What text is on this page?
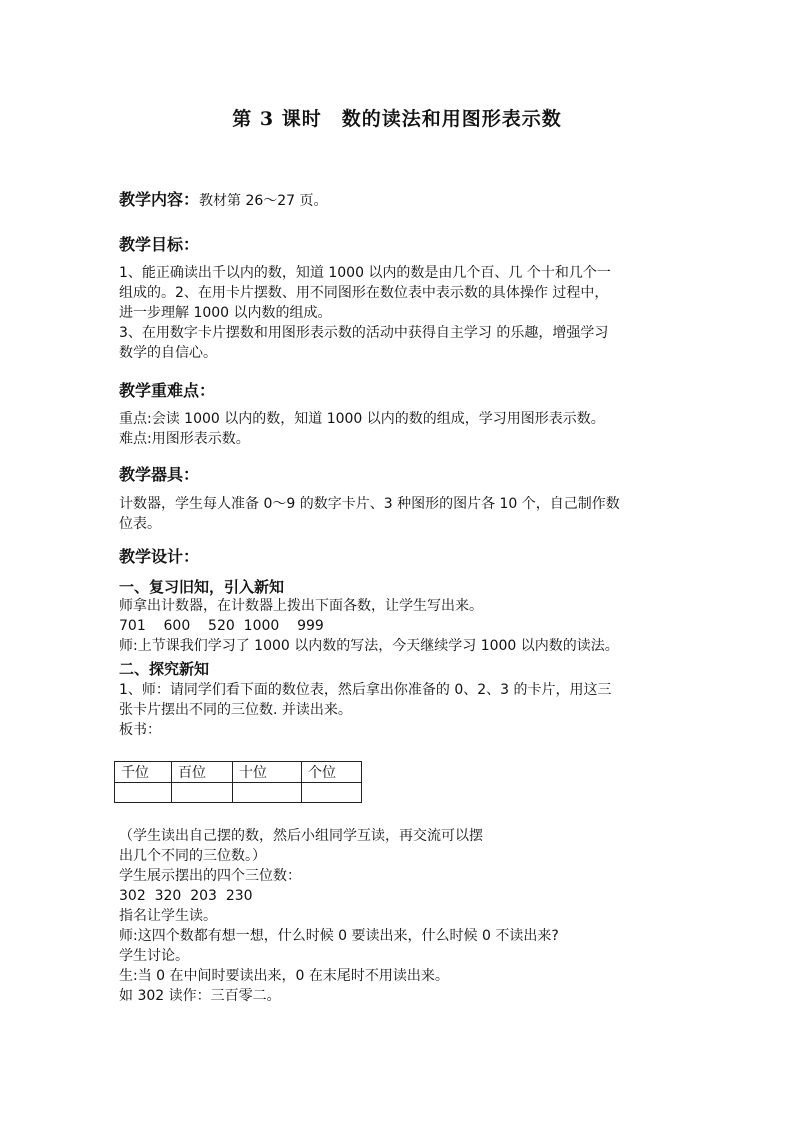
第 3 课时　数的读法和用图形表示数
教学内容：教材第 26～27 页。
教学目标：
1、能正确读出千以内的数，知道 1000 以内的数是由几个百、几 个十和几个一
组成的。2、在用卡片摆数、用不同图形在数位表中表示数的具体操作 过程中，
进一步理解 1000 以内数的组成。
3、在用数字卡片摆数和用图形表示数的活动中获得自主学习 的乐趣，增强学习
数学的自信心。
教学重难点：
重点:会读 1000 以内的数，知道 1000 以内的数的组成，学习用图形表示数。
难点:用图形表示数。
教学器具：
计数器，学生每人准备 0～9 的数字卡片、3 种图形的图片各 10 个，自己制作数
位表。
教学设计：
一、复习旧知，引入新知
师拿出计数器，在计数器上拨出下面各数，让学生写出来。
701    600    520  1000    999
师:上节课我们学习了 1000 以内数的写法，今天继续学习 1000 以内数的读法。
二、探究新知
1、师：请同学们看下面的数位表，然后拿出你准备的 0、2、3 的卡片，用这三
张卡片摆出不同的三位数. 并读出来。
板书：
千位	百位	十位	个位

（学生读出自己摆的数，然后小组同学互读，再交流可以摆
出几个不同的三位数。）
学生展示摆出的四个三位数：
302  320  203  230
指名让学生读。
师:这四个数都有想一想，什么时候 0 要读出来，什么时候 0 不读出来?
学生讨论。
生:当 0 在中间时要读出来，0 在末尾时不用读出来。
如 302 读作：三百零二。
